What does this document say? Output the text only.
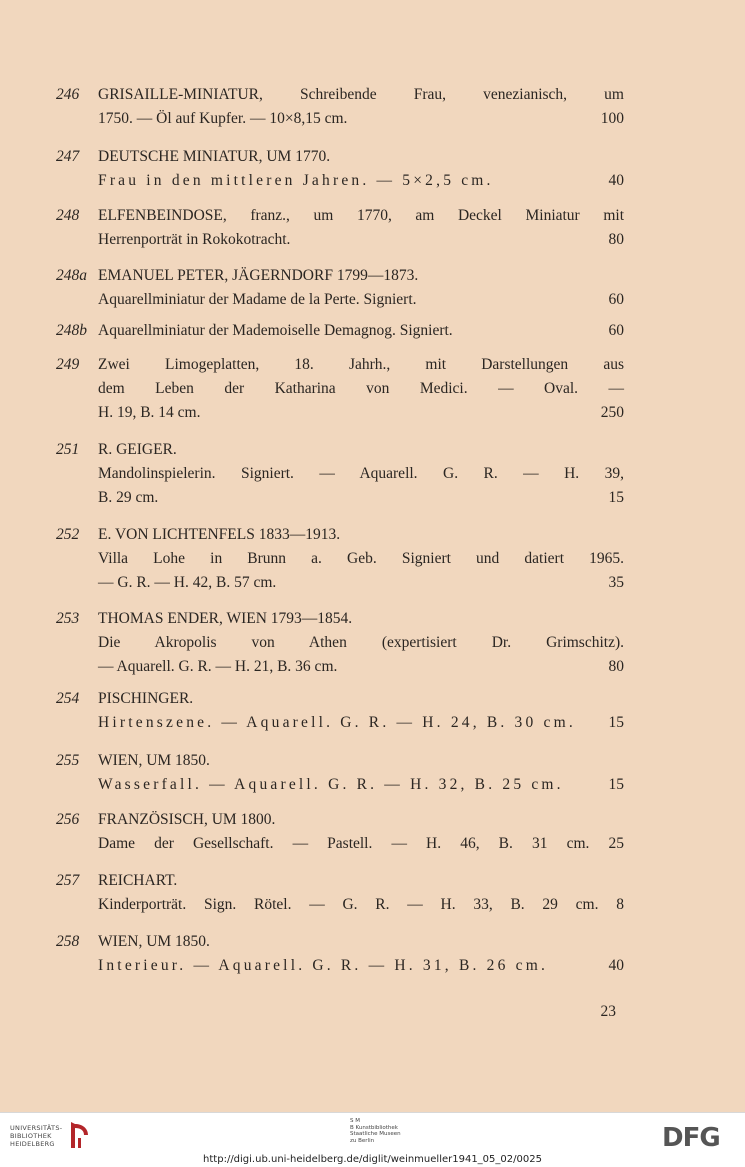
246	GRISAILLE-MINIATUR, Schreibende Frau, venezianisch, um
1750. — Öl auf Kupfer. — 10×8,15 cm.	100
247	DEUTSCHE MINIATUR, UM 1770.
Frau in den mittleren Jahren. — 5×2,5 cm.	40
248	ELFENBEINDOSE, franz., um 1770, am Deckel Miniatur mit
Herrenporträt in Rokokotracht.	80
248a EMANUEL PETER, JÄGERNDORF 1799—1873.
Aquarellminiatur der Madame de la Perte. Signiert.	60
248b Aquarellminiatur der Mademoiselle Demagnog. Signiert.	60
249	Zwei Limogeplatten, 18. Jahrh., mit Darstellungen aus
dem Leben der Katharina von Medici. — Oval. —
H. 19, B. 14 cm.	250
251	R. GEIGER.
Mandolinspielerin. Signiert. — Aquarell. G. R. — H. 39,
B. 29 cm.	15
252	E. VON LICHTENFELS 1833—1913.
Villa Lohe in Brunn a. Geb. Signiert und datiert 1965.
— G. R. — H. 42, B. 57 cm.	35
253	THOMAS ENDER, WIEN 1793—1854.
Die Akropolis von Athen (expertisiert Dr. Grimschitz).
— Aquarell. G. R. — H. 21, B. 36 cm.	80
254	PISCHINGER.
Hirtenszene. — Aquarell. G. R. — H. 24, B. 30 cm.	15
255	WIEN, UM 1850.
Wasserfall. — Aquarell. G. R. — H. 32, B. 25 cm.	15
256	FRANZÖSISCH, UM 1800.
Dame der Gesellschaft. — Pastell. — H. 46, B. 31 cm. 25
257	REICHART.
Kinderporträt. Sign. Rötel. — G. R. — H. 33, B. 29 cm. 8
258	WIEN, UM 1850.
Interieur. — Aquarell. G. R. — H. 31, B. 26 cm.	40
23
UNIVERSITÄTS-
BIBLIOTHEK
HEIDELBERG
S M
B Kunstbibliothek
Staatliche Museen
zu Berlin	DFG
http://digi.ub.uni-heidelberg.de/diglit/weinmueller1941_05_02/0025
